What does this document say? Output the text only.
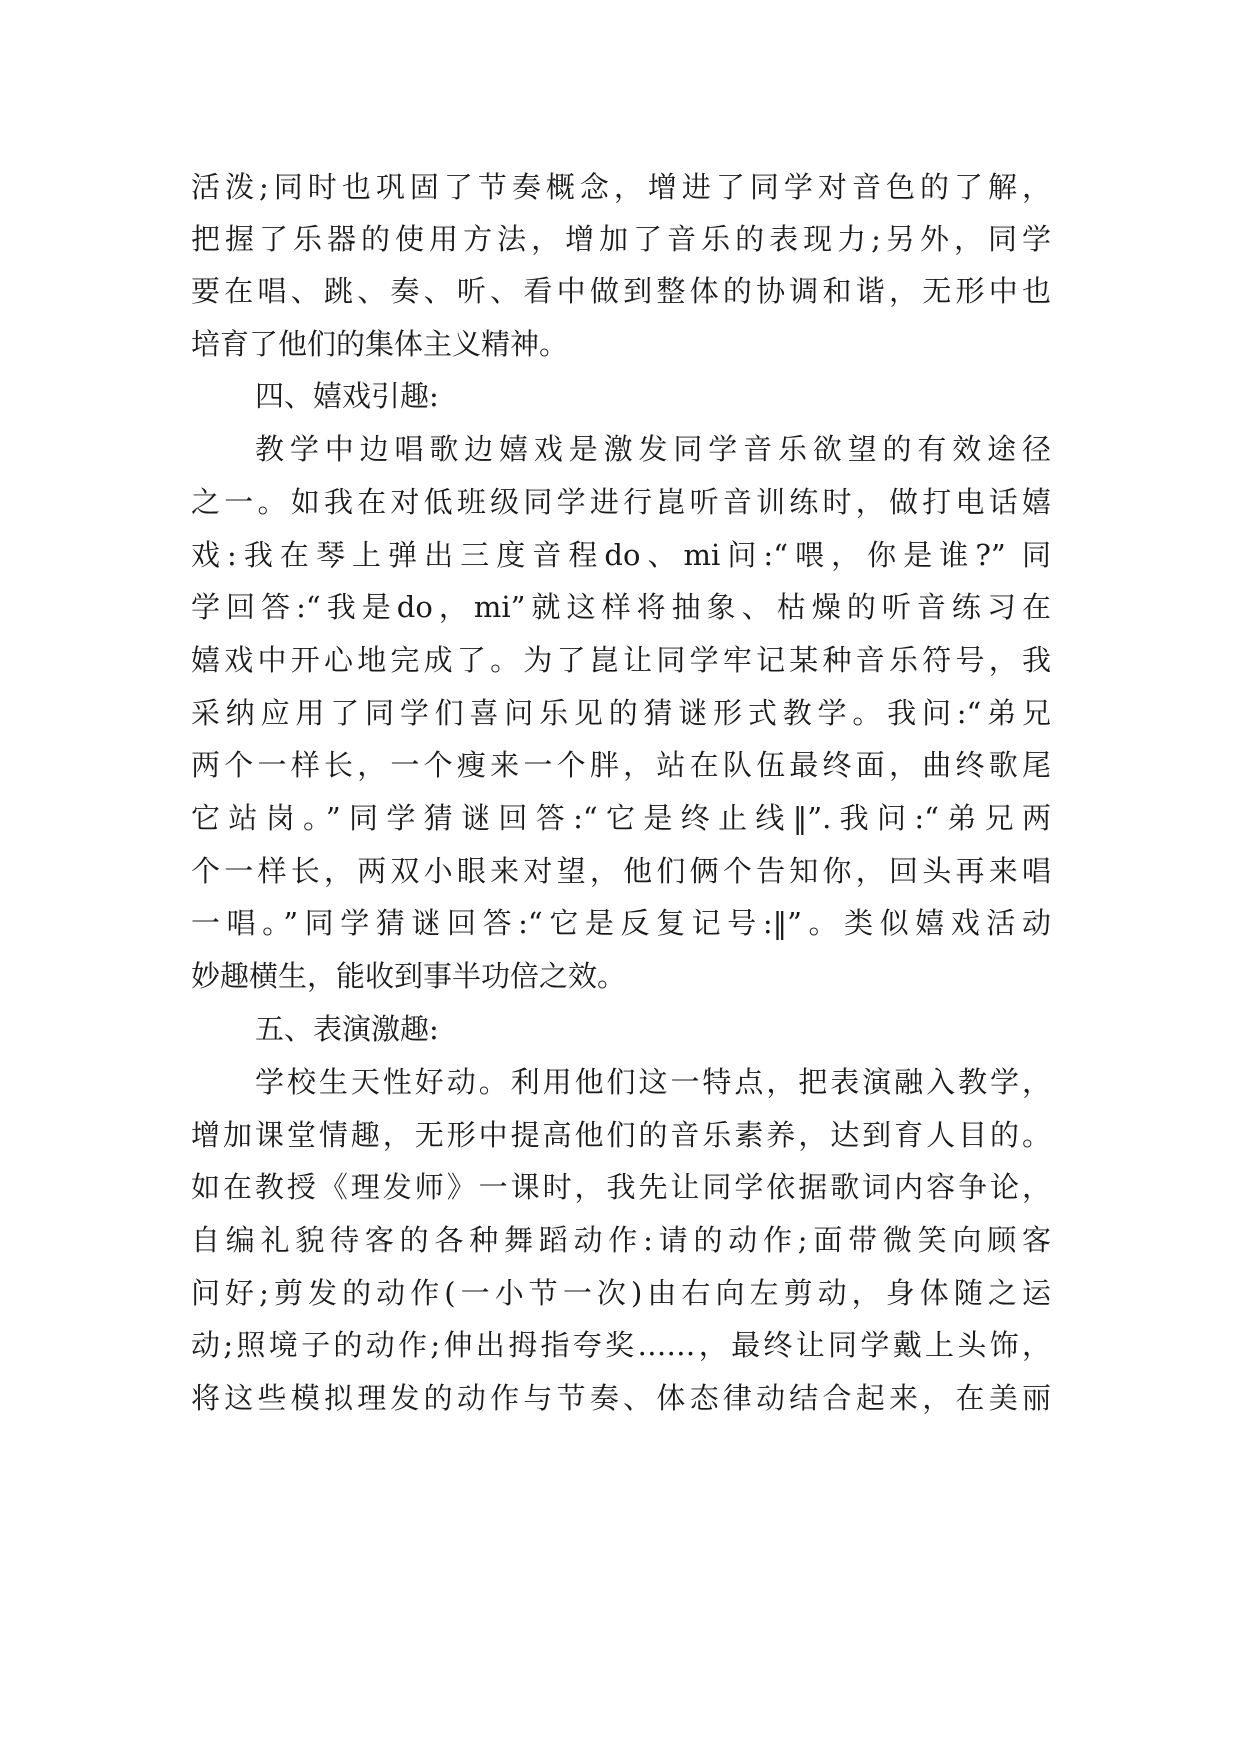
活泼;同时也巩固了节奏概念，增进了同学对音色的了解，
把握了乐器的使用方法，增加了音乐的表现力;另外，同学
要在唱、跳、奏、听、看中做到整体的协调和谐，无形中也
培育了他们的集体主义精神。
四、嬉戏引趣:
教学中边唱歌边嬉戏是激发同学音乐欲望的有效途径
之一。如我在对低班级同学进行崑听音训练时，做打电话嬉
戏:我在琴上弹出三度音程do、mi问:“喂，你是谁?” 同
学回答:“我是do，mi”就这样将抽象、枯燥的听音练习在
嬉戏中开心地完成了。为了崑让同学牢记某种音乐符号，我
采纳应用了同学们喜问乐见的猜谜形式教学。我问:“弟兄
两个一样长，一个瘦来一个胖，站在队伍最终面，曲终歌尾
它站岗。”同学猜谜回答:“它是终止线‖”.我问:“弟兄两
个一样长，两双小眼来对望，他们俩个告知你，回头再来唱
一唱。”同学猜谜回答:“它是反复记号:‖”。类似嬉戏活动
妙趣横生，能收到事半功倍之效。
五、表演激趣:
学校生天性好动。利用他们这一特点，把表演融入教学，
增加课堂情趣，无形中提高他们的音乐素养，达到育人目的。
如在教授《理发师》一课时，我先让同学依据歌词内容争论，
自编礼貌待客的各种舞蹈动作:请的动作;面带微笑向顾客
问好;剪发的动作(一小节一次)由右向左剪动，身体随之运
动;照境子的动作;伸出拇指夸奖……，最终让同学戴上头饰，
将这些模拟理发的动作与节奏、体态律动结合起来，在美丽
